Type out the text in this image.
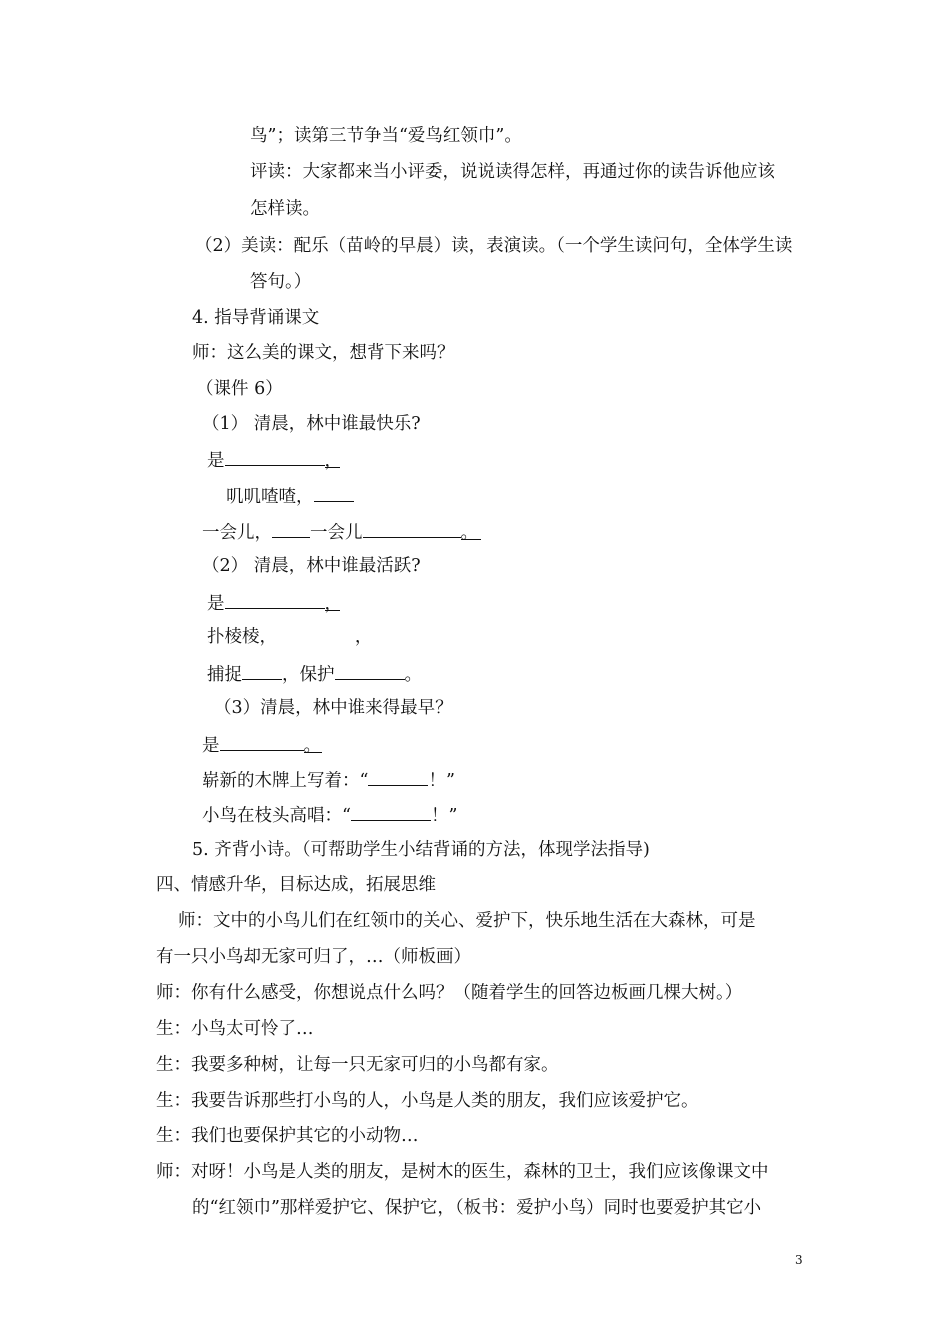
鸟”；读第三节争当“爱鸟红领巾”。
评读：大家都来当小评委，说说读得怎样，再通过你的读告诉他应该
怎样读。
（2）美读：配乐（苗岭的早晨）读，表演读。（一个学生读问句，全体学生读
答句。）
4. 指导背诵课文
师：这么美的课文，想背下来吗？
（课件 6）
（1） 清晨，林中谁最快乐?
是	，
叽叽喳喳，
一会儿， 一会儿	。
（2） 清晨，林中谁最活跃?
是	，
扑棱棱，              ，
捕捉 ，保护	。
（3）清晨，林中谁来得最早？
是	。
崭新的木牌上写着：“	！”
小鸟在枝头高唱：“	！”
5. 齐背小诗。（可帮助学生小结背诵的方法，体现学法指导)
四、情感升华，目标达成，拓展思维
师：文中的小鸟儿们在红领巾的关心、爱护下，快乐地生活在大森林，可是
有一只小鸟却无家可归了，…（师板画）
师：你有什么感受，你想说点什么吗？（随着学生的回答边板画几棵大树。）
生：小鸟太可怜了…
生：我要多种树，让每一只无家可归的小鸟都有家。
生：我要告诉那些打小鸟的人，小鸟是人类的朋友，我们应该爱护它。
生：我们也要保护其它的小动物…
师：对呀！小鸟是人类的朋友，是树木的医生，森林的卫士，我们应该像课文中
的“红领巾”那样爱护它、保护它，（板书：爱护小鸟）同时也要爱护其它小
3
